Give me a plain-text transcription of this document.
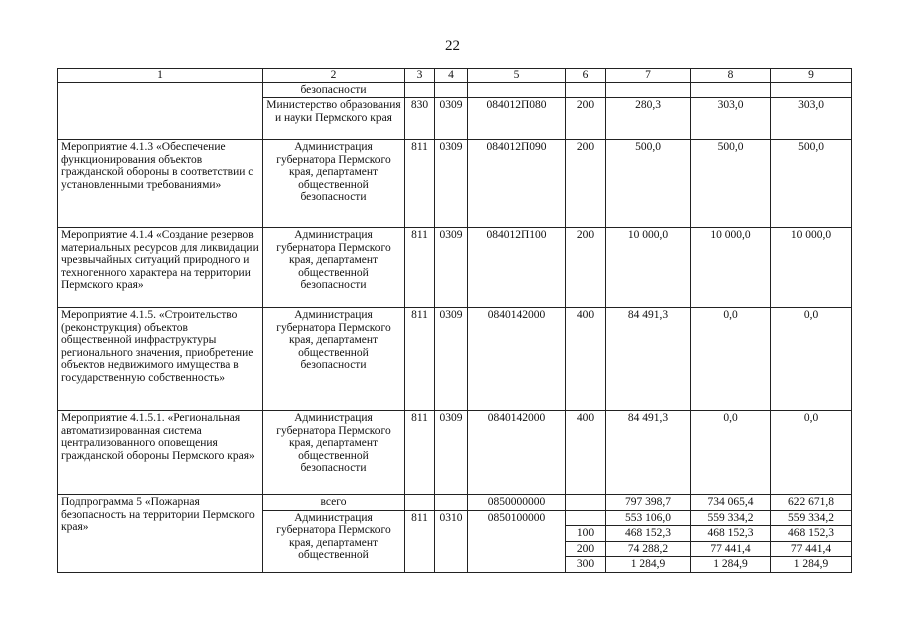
22
1	2	3	4	5	6	7	8	9
	безопасности							
	Министерство образования и науки Пермского края	830	0309	084012П080	200	280,3	303,0	303,0
Мероприятие 4.1.3 «Обеспечение функционирования объектов гражданской обороны в соответствии с установленными требованиями»	Администрация губернатора Пермского края, департамент общественной безопасности	811	0309	084012П090	200	500,0	500,0	500,0
Мероприятие 4.1.4 «Создание резервов материальных ресурсов для ликвидации чрезвычайных ситуаций природного и техногенного характера на территории Пермского края»	Администрация губернатора Пермского края, департамент общественной безопасности	811	0309	084012П100	200	10 000,0	10 000,0	10 000,0
Мероприятие 4.1.5. «Строительство (реконструкция) объектов общественной инфраструктуры регионального значения, приобретение объектов недвижимого имущества в государственную собственность»	Администрация губернатора Пермского края, департамент общественной безопасности	811	0309	0840142000	400	84 491,3	0,0	0,0
Мероприятие 4.1.5.1. «Региональная автоматизированная система централизованного оповещения гражданской обороны Пермского края»	Администрация губернатора Пермского края, департамент общественной безопасности	811	0309	0840142000	400	84 491,3	0,0	0,0
Подпрограмма 5 «Пожарная безопасность на территории Пермского края»	всего			0850000000		797 398,7	734 065,4	622 671,8
	Администрация губернатора Пермского края, департамент общественной	811	0310	0850100000		553 106,0	559 334,2	559 334,2
					100	468 152,3	468 152,3	468 152,3
					200	74 288,2	77 441,4	77 441,4
					300	1 284,9	1 284,9	1 284,9
